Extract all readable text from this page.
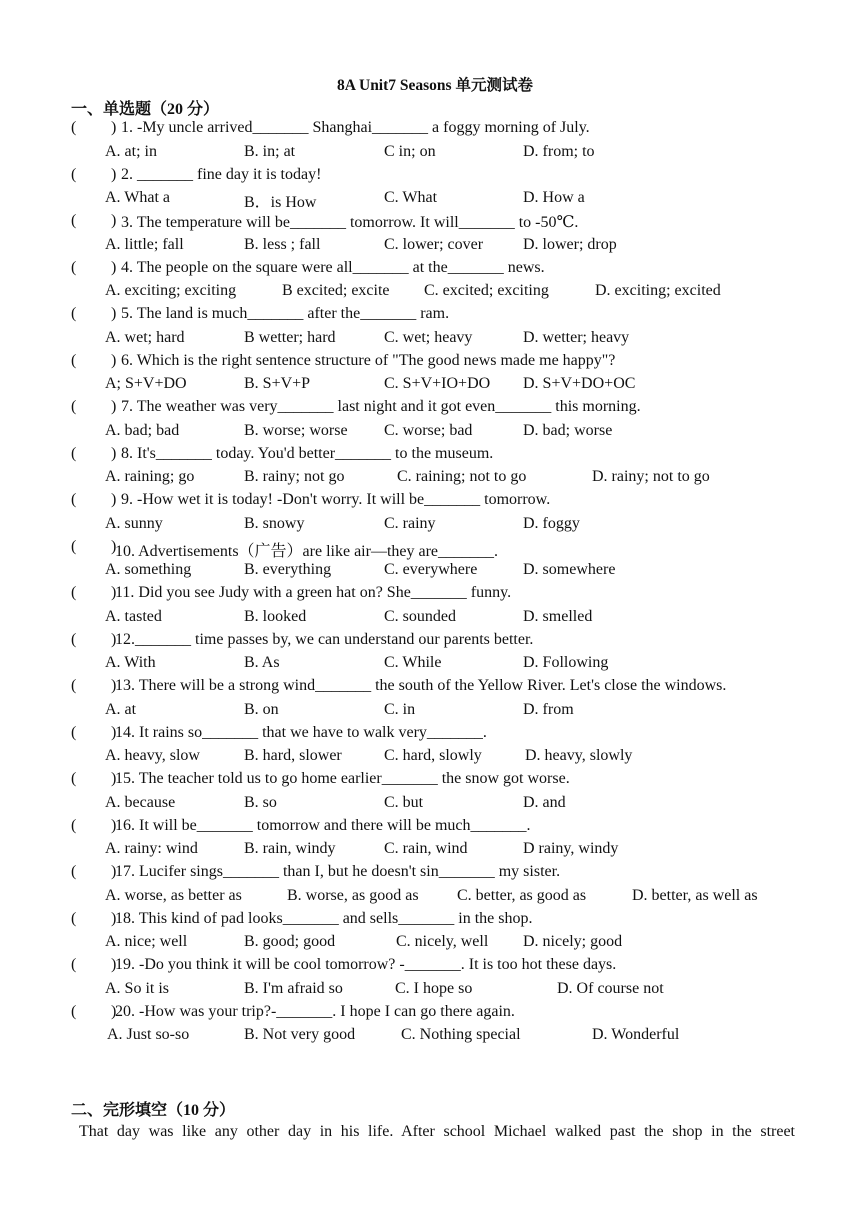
8A Unit7 Seasons 单元测试卷
一、单选题（20 分）
( ) 1. -My uncle arrived_______ Shanghai_______ a foggy morning of July.
A. at; in	B. in; at	C in; on	D. from; to
( ) 2. _______ fine day it is today!
A. What a	B．is How	C. What	D. How a
( ) 3. The temperature will be_______ tomorrow. It will_______ to -50℃.
A. little; fall	B. less ; fall	C. lower; cover D. lower; drop
( ) 4. The people on the square were all_______ at the_______ news.
A. exciting; exciting	B excited; excite C. excited; exciting	D. exciting; excited
( ) 5. The land is much_______ after the_______ ram.
A. wet; hard	B wetter; hard	C. wet; heavy	D. wetter; heavy
( ) 6. Which is the right sentence structure of "The good news made me happy"?
A; S+V+DO	B. S+V+P	C. S+V+IO+DO D. S+V+DO+OC
( ) 7. The weather was very_______ last night and it got even_______ this morning.
A. bad; bad	B. worse; worse C. worse; bad	D. bad; worse
( ) 8. It's_______ today. You'd better_______ to the museum.
A. raining; go	B. rainy; not go	C. raining; not to go	D. rainy; not to go
( ) 9. -How wet it is today! -Don't worry. It will be_______ tomorrow.
A. sunny	B. snowy	C. rainy	D. foggy
( )
10. Advertisements（广告）are like air—they are_______.
A. something	B. everything	C. everywhere	D. somewhere
( )
11. Did you see Judy with a green hat on? She_______ funny.
A. tasted	B. looked	C. sounded	D. smelled
( )
12._______ time passes by, we can understand our parents better.
A. With	B. As	C. While	D. Following
( )
13. There will be a strong wind_______ the south of the Yellow River. Let's close the windows.
A. at	B. on	C. in	D. from
( )
14. It rains so_______ that we have to walk very_______.
A. heavy, slow	B. hard, slower	C. hard, slowly	D. heavy, slowly
( )
15. The teacher told us to go home earlier_______ the snow got worse.
A. because	B. so	C. but	D. and
( )
16. It will be_______ tomorrow and there will be much_______.
A. rainy: wind	B. rain, windy	C. rain, wind	D rainy, windy
( )
17. Lucifer sings_______ than I, but he doesn't sin_______ my sister.
A. worse, as better as	B. worse, as good as C. better, as good as	D. better, as well as
( )
18. This kind of pad looks_______ and sells_______ in the shop.
A. nice; well	B. good; good	C. nicely, well D. nicely; good
( )
19. -Do you think it will be cool tomorrow? -_______. It is too hot these days.
A. So it is	B. I'm afraid so	C. I hope so	D. Of course not
( )
20. -How was your trip?-_______. I hope I can go there again.
A. Just so-so	B. Not very good	C. Nothing special	D. Wonderful
二、完形填空（10 分）
That day was like any other day in his life. After school Michael walked past the shop in the street
